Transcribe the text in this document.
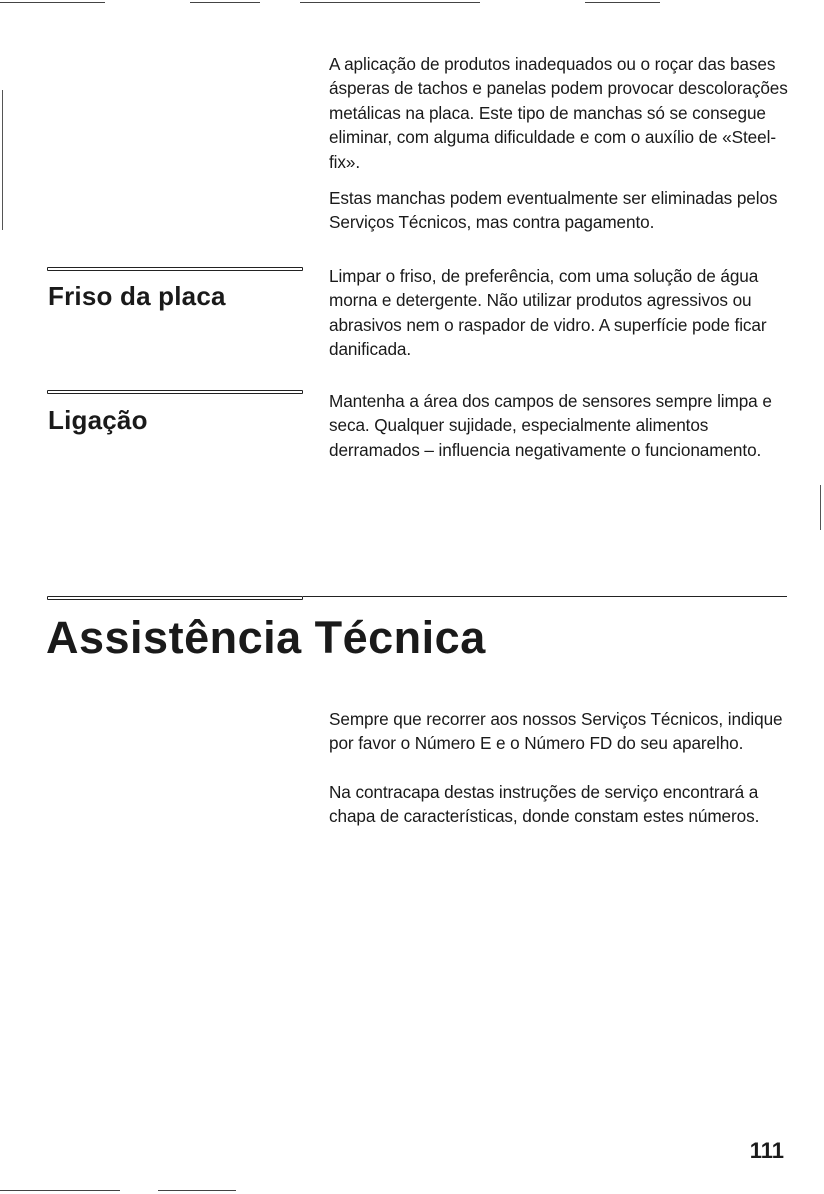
A aplicação de produtos inadequados ou o roçar das bases ásperas de tachos e panelas podem provocar descolorações metálicas na placa. Este tipo de manchas só se consegue eliminar, com alguma dificuldade e com o auxílio de «Steel-fix».

Estas manchas podem eventualmente ser eliminadas pelos Serviços Técnicos, mas contra pagamento.

Friso da placa

Limpar o friso, de preferência, com uma solução de água morna e detergente. Não utilizar produtos agressivos ou abrasivos nem o raspador de vidro. A superfície pode ficar danificada.

Ligação

Mantenha a área dos campos de sensores sempre limpa e seca. Qualquer sujidade, especialmente alimentos derramados – influencia negativamente o funcionamento.

Assistência Técnica

Sempre que recorrer aos nossos Serviços Técnicos, indique por favor o Número E e o Número FD do seu aparelho.

Na contracapa destas instruções de serviço encontrará a chapa de características, donde constam estes números.

111
